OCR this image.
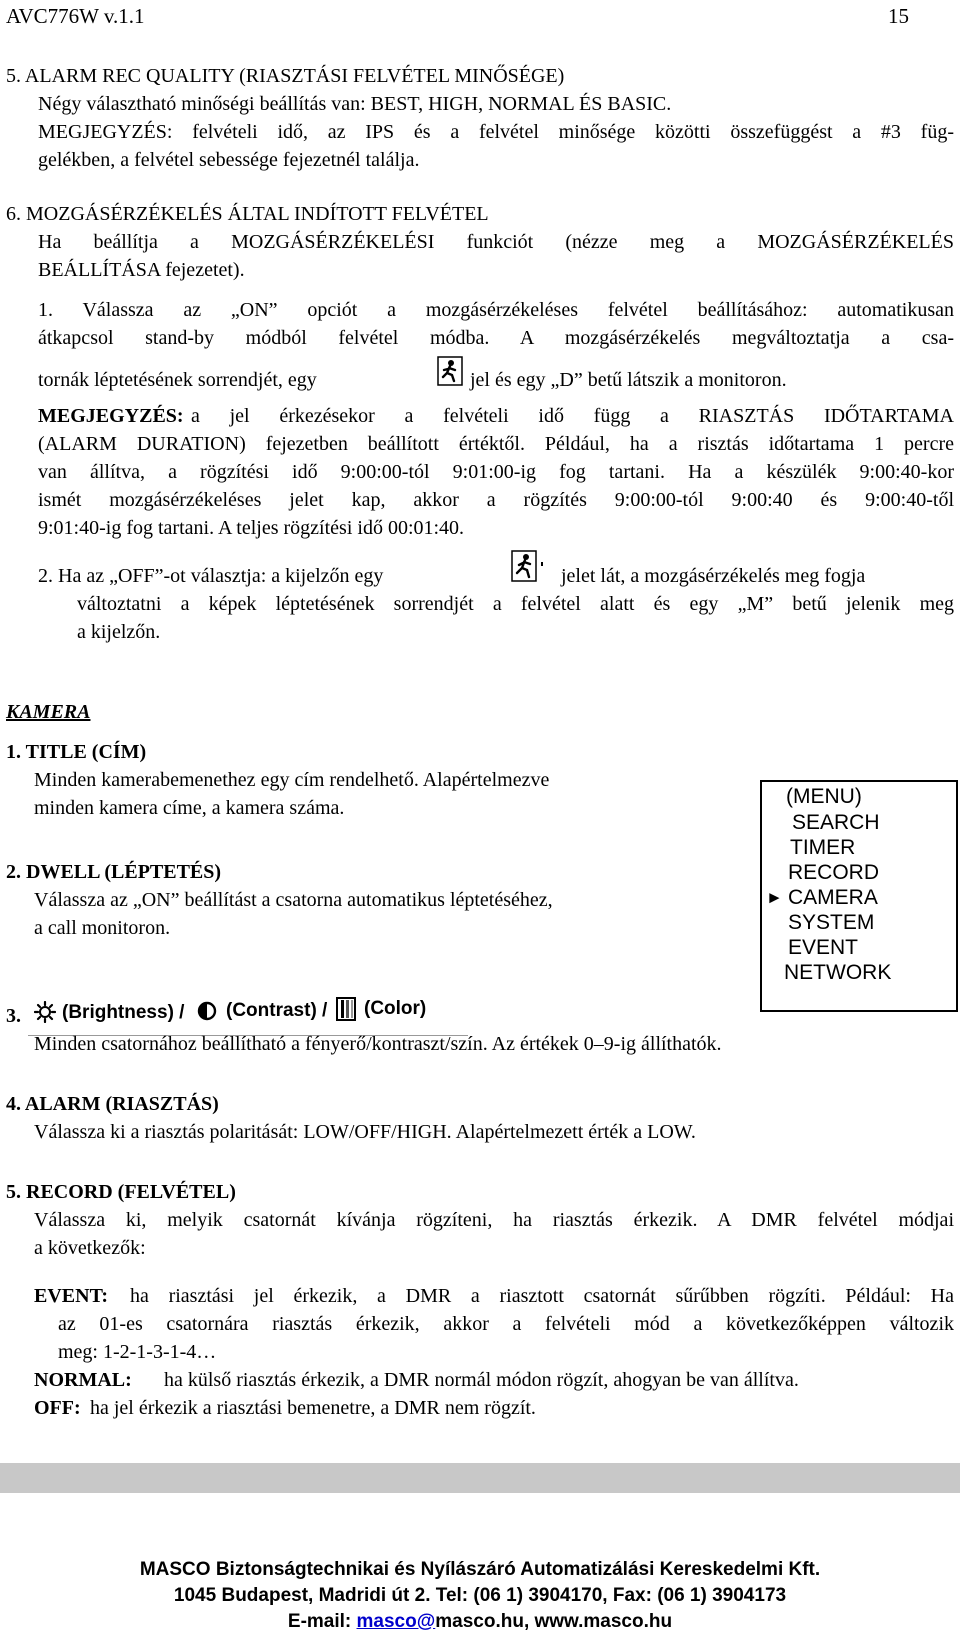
AVC776W v.1.1	15
5. ALARM REC QUALITY (RIASZTÁSI FELVÉTEL MINŐSÉGE)
Négy választható minőségi beállítás van: BEST, HIGH, NORMAL ÉS BASIC.
MEGJEGYZÉS: felvételi idő, az IPS és a felvétel minősége közötti összefüggést a #3 füg-
gelékben, a felvétel sebessége fejezetnél találja.
6. MOZGÁSÉRZÉKELÉS ÁLTAL INDÍTOTT FELVÉTEL
Ha beállítja a MOZGÁSÉRZÉKELÉSI funkciót (nézze meg a MOZGÁSÉRZÉKELÉS
BEÁLLÍTÁSA fejezetet).
1. Válassza az „ON” opciót a mozgásérzékeléses felvétel beállításához: automatikusan
átkapcsol stand-by módból felvétel módba. A mozgásérzékelés megváltoztatja a csa-
tornák léptetésének sorrendjét, egy	jel és egy „D” betű látszik a monitoron.
MEGJEGYZÉS: a jel érkezésekor a felvételi idő függ a RIASZTÁS IDŐTARTAMA
(ALARM DURATION) fejezetben beállított értéktől. Például, ha a risztás időtartama 1 percre
van állítva, a rögzítési idő 9:00:00-tól 9:01:00-ig fog tartani. Ha a készülék 9:00:40-kor
ismét mozgásérzékeléses jelet kap, akkor a rögzítés 9:00:00-tól 9:00:40 és 9:00:40-től
9:01:40-ig fog tartani. A teljes rögzítési idő 00:01:40.
2. Ha az „OFF”-ot választja: a kijelzőn egy	jelet lát, a mozgásérzékelés meg fogja
változtatni a képek léptetésének sorrendjét a felvétel alatt és egy „M” betű jelenik meg
a kijelzőn.
KAMERA
1. TITLE (CÍM)
Minden kamerabemenethez egy cím rendelhető. Alapértelmezve
minden kamera címe, a kamera száma.
2. DWELL (LÉPTETÉS)
Válassza az „ON” beállítást a csatorna automatikus léptetéséhez,
a call monitoron.
(MENU)
SEARCH
TIMER
RECORD
► CAMERA
SYSTEM
EVENT
NETWORK
3. (Brightness) / (Contrast) / (Color)
Minden csatornához beállítható a fényerő/kontraszt/szín. Az értékek 0–9-ig állíthatók.
4. ALARM (RIASZTÁS)
Válassza ki a riasztás polaritását: LOW/OFF/HIGH. Alapértelmezett érték a LOW.
5. RECORD (FELVÉTEL)
Válassza ki, melyik csatornát kívánja rögzíteni, ha riasztás érkezik. A DMR felvétel módjai
a következők:
EVENT: ha riasztási jel érkezik, a DMR a riasztott csatornát sűrűbben rögzíti. Például: Ha
az 01-es csatornára riasztás érkezik, akkor a felvételi mód a következőképpen változik
meg: 1-2-1-3-1-4…
NORMAL: ha külső riasztás érkezik, a DMR normál módon rögzít, ahogyan be van állítva.
OFF: ha jel érkezik a riasztási bemenetre, a DMR nem rögzít.
MASCO Biztonságtechnikai és Nyílászáró Automatizálási Kereskedelmi Kft.
1045 Budapest, Madridi út 2. Tel: (06 1) 3904170, Fax: (06 1) 3904173
E-mail: masco@masco.hu, www.masco.hu
